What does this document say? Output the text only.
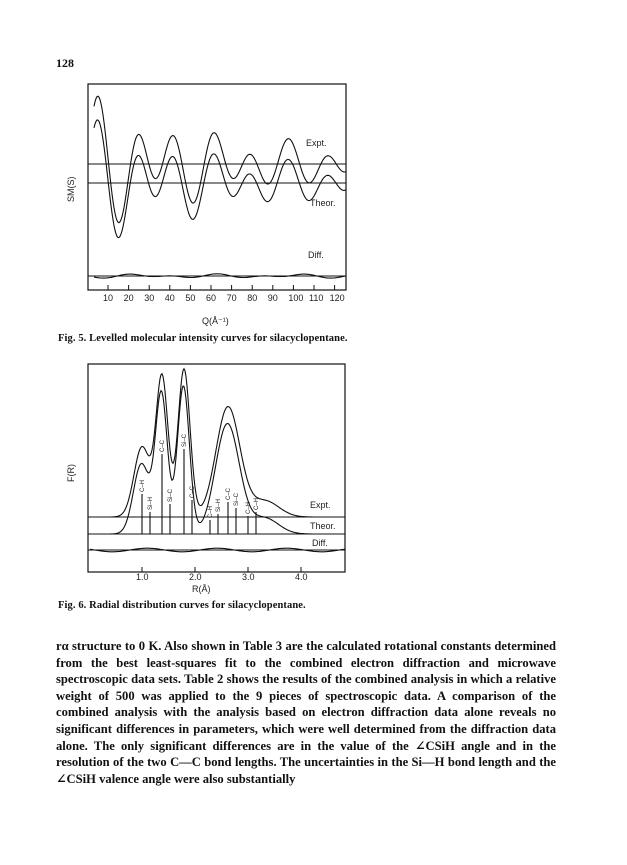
128
10 20 30 40 50 60 70 80 90 100 110 120
Expt.
Theor.
Diff.
SM(S)
Q(Å⁻¹)
Fig. 5. Levelled molecular intensity curves for silacyclopentane.
C–H
Si–H
C–C
Si–C
Si–C
C–C
C–H Si–H
C–C Si–C
C–H C–H
1.0	2.0	3.0	4.0
Expt.
Theor.
Diff.
F(R)
R(Å)
Fig. 6. Radial distribution curves for silacyclopentane.

rα structure to 0 K. Also shown in Table 3 are the calculated rotational constants determined from the best least-squares fit to the combined electron diffraction and microwave spectroscopic data sets. Table 2 shows the results of the combined analysis in which a relative weight of 500 was applied to the 9 pieces of spectroscopic data. A comparison of the combined analysis with the analysis based on electron diffraction data alone reveals no significant differences in parameters, which were well determined from the diffraction data alone. The only significant differences are in the value of the ∠CSiH angle and in the resolution of the two C—C bond lengths. The uncertainties in the Si—H bond length and the ∠CSiH valence angle were also substantially
